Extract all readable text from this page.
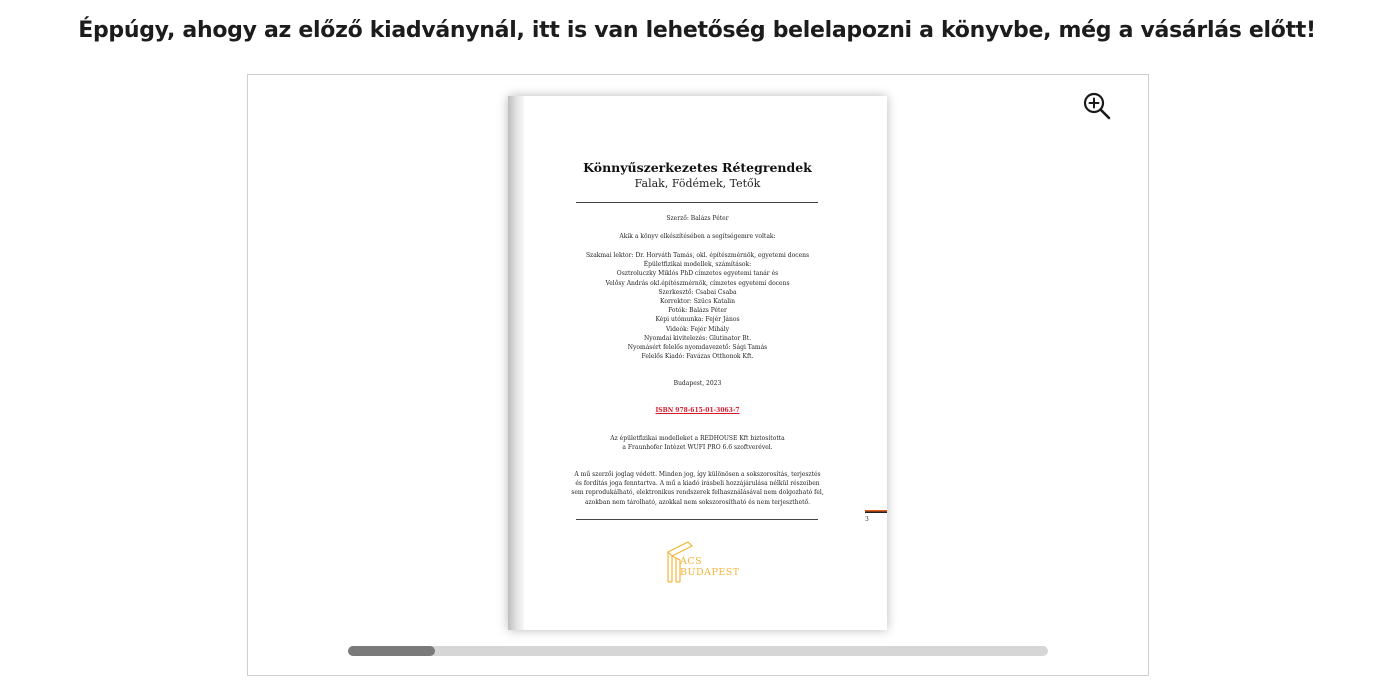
Éppúgy, ahogy az előző kiadványnál, itt is van lehetőség belelapozni a könyvbe, még a vásárlás előtt!
Könnyűszerkezetes Rétegrendek
Falak, Födémek, Tetők
Szerző: Balázs Péter
Akik a könyv elkészítésében a segítségemre voltak:
Szakmai lektor: Dr. Horváth Tamás, okl. építészmérnök, egyetemi docens
Épületfizikai modellek, számítások:
Osztroluczky Miklós PhD címzetes egyetemi tanár és
Velősy András okl.építészmérnök, címzetes egyetemi docens
Szerkesztő: Csabai Csaba
Korrektor: Szücs Katalin
Fotók: Balázs Péter
Képi utómunka: Fejér János
Videók: Fejér Mihály
Nyomdai kivitelezés: Glutinator Bt.
Nyomásért felelős nyomdavezető: Sági Tamás
Felelős Kiadó: Favázas Otthonok Kft.
Budapest, 2023
ISBN 978-615-01-3063-7
Az épületfizikai modelleket a REDHOUSE Kft biztosította
a Fraunhofer Intézet WUFI PRO 6.6 szoftverével.
A mű szerzői joglag védett. Minden jog, így különösen a sokszorosítás, terjesztés
és fordítás joga fenntartva. A mű a kiadó írásbeli hozzájárulása nélkül részeiben
sem reprodukálható, elektronikus rendszerek felhasználásával nem dolgozható fel,
azokban nem tárolható, azokkal nem sokszorosítható és nem terjeszthető.
3
ÁCS
BUDAPEST
